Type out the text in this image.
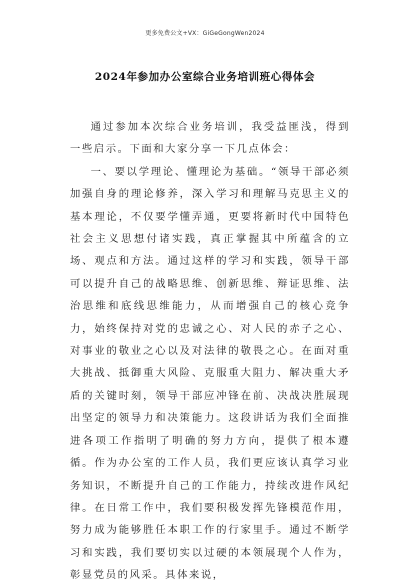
更多免费公文+VX：GiGeGongWen2024
2024年参加办公室综合业务培训班心得体会

通过参加本次综合业务培训，我受益匪浅，得到一些启示。下面和大家分享一下几点体会：

一、要以学理论、懂理论为基础。“领导干部必须加强自身的理论修养，深入学习和理解马克思主义的基本理论，不仅要学懂弄通，更要将新时代中国特色社会主义思想付诸实践，真正掌握其中所蕴含的立场、观点和方法。通过这样的学习和实践，领导干部可以提升自己的战略思维、创新思维、辩证思维、法治思维和底线思维能力，从而增强自己的核心竞争力，始终保持对党的忠诚之心、对人民的赤子之心、对事业的敬业之心以及对法律的敬畏之心。在面对重大挑战、抵御重大风险、克服重大阻力、解决重大矛盾的关键时刻，领导干部应冲锋在前、决战决胜展现出坚定的领导力和决策能力。这段讲话为我们全面推进各项工作指明了明确的努力方向，提供了根本遵循。作为办公室的工作人员，我们更应该认真学习业务知识，不断提升自己的工作能力，持续改进作风纪律。在日常工作中，我们要积极发挥先锋模范作用，努力成为能够胜任本职工作的行家里手。通过不断学习和实践，我们要切实以过硬的本领展现个人作为，彰显党员的风采。具体来说，
